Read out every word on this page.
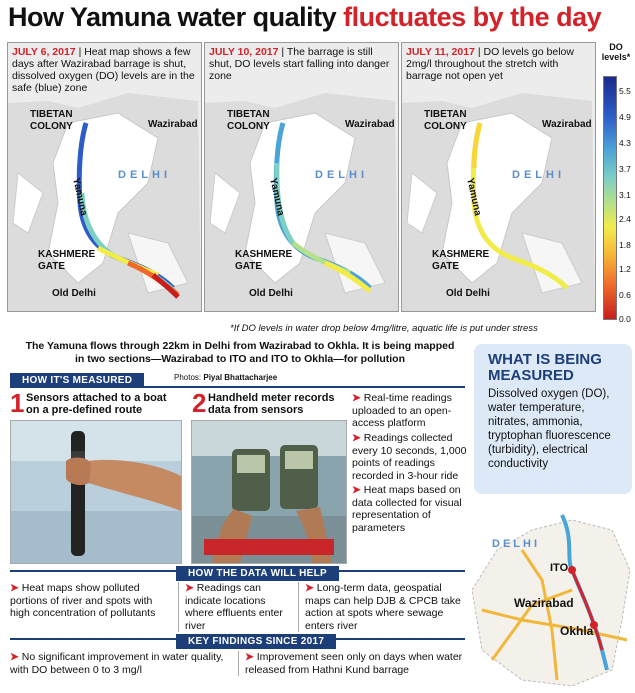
How Yamuna water quality fluctuates by the day
JULY 6, 2017 | Heat map shows a few days after Wazirabad barrage is shut, dissolved oxygen (DO) levels are in the safe (blue) zone
TIBETAN
COLONY	Wazirabad
DELHI
Yamuna
KASHMERE
GATE
Old Delhi
JULY 10, 2017 | The barrage is still shut, DO levels start falling into danger zone
TIBETAN
COLONY	Wazirabad
DELHI
Yamuna
KASHMERE
GATE
Old Delhi
JULY 11, 2017 | DO levels go below 2mg/l throughout the stretch with barrage not open yet
TIBETAN
COLONY	Wazirabad
DELHI
Yamuna
KASHMERE
GATE
Old Delhi
DO
levels*
5.5
4.9
4.3
3.7
3.1
2.4
1.8
1.2
0.6
0.0
*If DO levels in water drop below 4mg/litre, aquatic life is put under stress
The Yamuna flows through 22km in Delhi from Wazirabad to Okhla. It is being mapped in two sections—Wazirabad to ITO and ITO to Okhla—for pollution	WHAT IS BEING MEASURED
Dissolved oxygen (DO), water temperature, nitrates, ammonia, tryptophan fluorescence (turbidity), electrical conductivity
HOW IT'S MEASURED	Photos: Piyal Bhattacharjee
1 Sensors attached to a boat on a pre-defined route	2 Handheld meter records data from sensors
➤ Real-time readings uploaded to an open-access platform
➤ Readings collected every 10 seconds, 1,000 points of readings recorded in 3-hour ride
➤ Heat maps based on data collected for visual representation of parameters
HOW THE DATA WILL HELP
➤ Heat maps show polluted portions of river and spots with high concentration of pollutants
➤ Readings can indicate locations where effluents enter river
➤ Long-term data, geospatial maps can help DJB & CPCB take action at spots where sewage enters river
KEY FINDINGS SINCE 2017
➤ No significant improvement in water quality, with DO between 0 to 3 mg/l
➤ Improvement seen only on days when water released from Hathni Kund barrage
DELHI
ITO
Wazirabad
Okhla
